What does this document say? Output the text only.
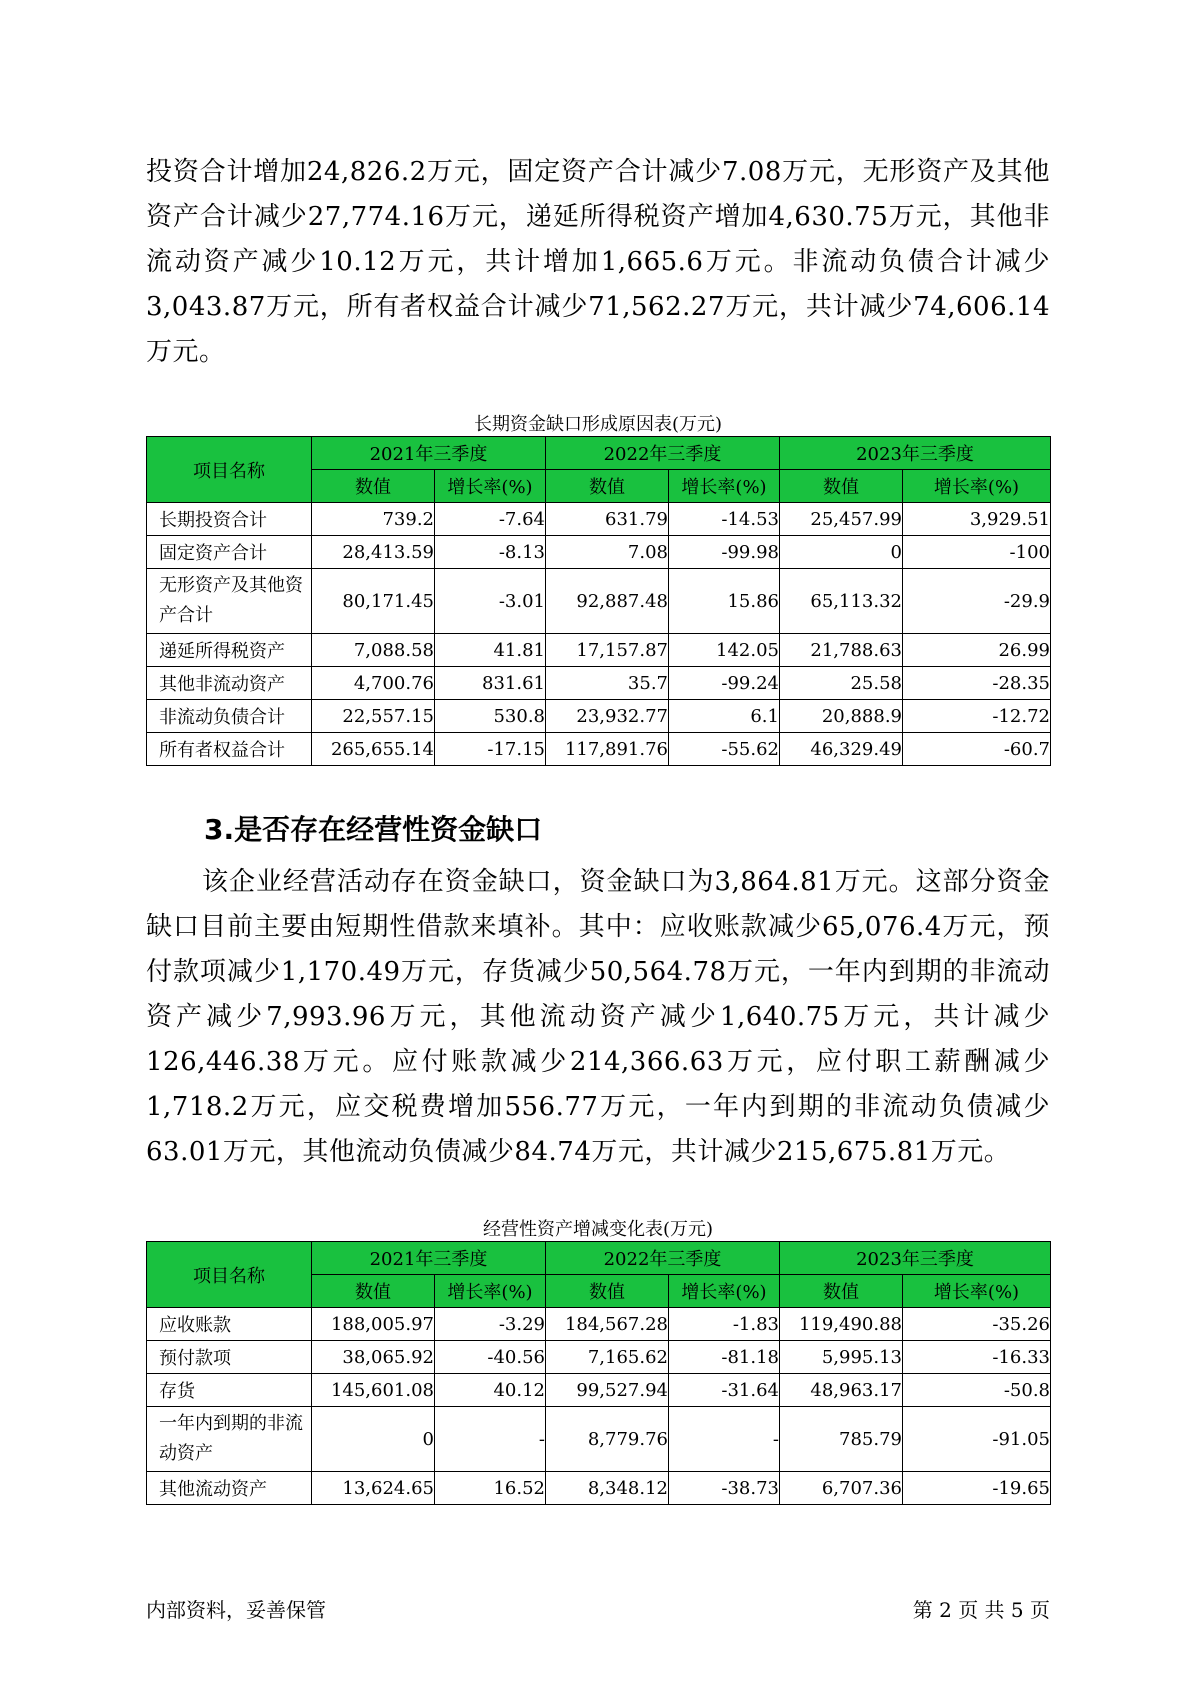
投资合计增加24,826.2万元，固定资产合计减少7.08万元，无形资产及其他资产合计减少27,774.16万元，递延所得税资产增加4,630.75万元，其他非流动资产减少10.12万元，共计增加1,665.6万元。非流动负债合计减少3,043.87万元，所有者权益合计减少71,562.27万元，共计减少74,606.14万元。

长期资金缺口形成原因表(万元)

项目名称	2021年三季度		2022年三季度		2023年三季度	
	数值	增长率(%)	数值	增长率(%)	数值	增长率(%)
长期投资合计	739.2	-7.64	631.79	-14.53	25,457.99	3,929.51
固定资产合计	28,413.59	-8.13	7.08	-99.98	0	-100
无形资产及其他资产合计	80,171.45	-3.01	92,887.48	15.86	65,113.32	-29.9
递延所得税资产	7,088.58	41.81	17,157.87	142.05	21,788.63	26.99
其他非流动资产	4,700.76	831.61	35.7	-99.24	25.58	-28.35
非流动负债合计	22,557.15	530.8	23,932.77	6.1	20,888.9	-12.72
所有者权益合计	265,655.14	-17.15	117,891.76	-55.62	46,329.49	-60.7
3.是否存在经营性资金缺口

该企业经营活动存在资金缺口，资金缺口为3,864.81万元。这部分资金缺口目前主要由短期性借款来填补。其中：应收账款减少65,076.4万元，预付款项减少1,170.49万元，存货减少50,564.78万元，一年内到期的非流动资产减少7,993.96万元，其他流动资产减少1,640.75万元，共计减少126,446.38万元。应付账款减少214,366.63万元，应付职工薪酬减少1,718.2万元，应交税费增加556.77万元，一年内到期的非流动负债减少63.01万元，其他流动负债减少84.74万元，共计减少215,675.81万元。

经营性资产增减变化表(万元)

项目名称	2021年三季度		2022年三季度		2023年三季度	
	数值	增长率(%)	数值	增长率(%)	数值	增长率(%)
应收账款	188,005.97	-3.29	184,567.28	-1.83	119,490.88	-35.26
预付款项	38,065.92	-40.56	7,165.62	-81.18	5,995.13	-16.33
存货	145,601.08	40.12	99,527.94	-31.64	48,963.17	-50.8
一年内到期的非流动资产	0	-	8,779.76	-	785.79	-91.05
其他流动资产	13,624.65	16.52	8,348.12	-38.73	6,707.36	-19.65

内部资料，妥善保管	第 2 页 共 5 页
